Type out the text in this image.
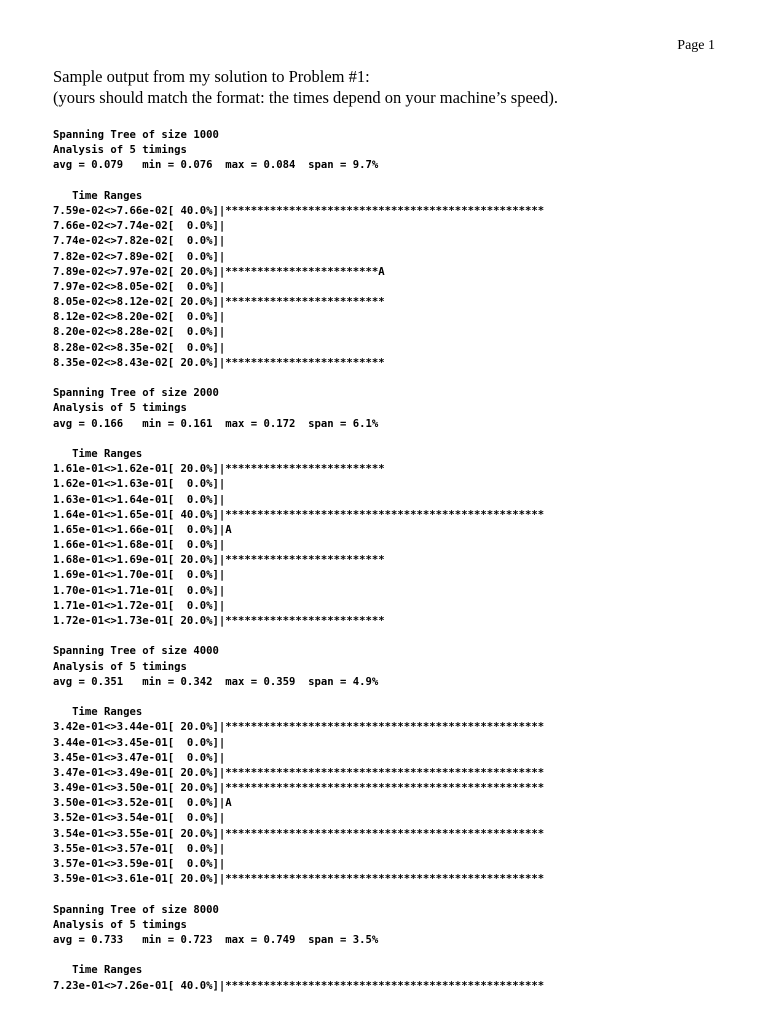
Page 1
Sample output from my solution to Problem #1:
(yours should match the format: the times depend on your machine’s speed).
Spanning Tree of size 1000
Analysis of 5 timings
avg = 0.079   min = 0.076  max = 0.084  span = 9.7%
Time Ranges
7.59e-02<>7.66e-02[ 40.0%]|**************************************************
7.66e-02<>7.74e-02[  0.0%]|
7.74e-02<>7.82e-02[  0.0%]|
7.82e-02<>7.89e-02[  0.0%]|
7.89e-02<>7.97e-02[ 20.0%]|************************A
7.97e-02<>8.05e-02[  0.0%]|
8.05e-02<>8.12e-02[ 20.0%]|*************************
8.12e-02<>8.20e-02[  0.0%]|
8.20e-02<>8.28e-02[  0.0%]|
8.28e-02<>8.35e-02[  0.0%]|
8.35e-02<>8.43e-02[ 20.0%]|*************************
Spanning Tree of size 2000
Analysis of 5 timings
avg = 0.166   min = 0.161  max = 0.172  span = 6.1%
Time Ranges
1.61e-01<>1.62e-01[ 20.0%]|*************************
1.62e-01<>1.63e-01[  0.0%]|
1.63e-01<>1.64e-01[  0.0%]|
1.64e-01<>1.65e-01[ 40.0%]|**************************************************
1.65e-01<>1.66e-01[  0.0%]|A
1.66e-01<>1.68e-01[  0.0%]|
1.68e-01<>1.69e-01[ 20.0%]|*************************
1.69e-01<>1.70e-01[  0.0%]|
1.70e-01<>1.71e-01[  0.0%]|
1.71e-01<>1.72e-01[  0.0%]|
1.72e-01<>1.73e-01[ 20.0%]|*************************
Spanning Tree of size 4000
Analysis of 5 timings
avg = 0.351   min = 0.342  max = 0.359  span = 4.9%
Time Ranges
3.42e-01<>3.44e-01[ 20.0%]|**************************************************
3.44e-01<>3.45e-01[  0.0%]|
3.45e-01<>3.47e-01[  0.0%]|
3.47e-01<>3.49e-01[ 20.0%]|**************************************************
3.49e-01<>3.50e-01[ 20.0%]|**************************************************
3.50e-01<>3.52e-01[  0.0%]|A
3.52e-01<>3.54e-01[  0.0%]|
3.54e-01<>3.55e-01[ 20.0%]|**************************************************
3.55e-01<>3.57e-01[  0.0%]|
3.57e-01<>3.59e-01[  0.0%]|
3.59e-01<>3.61e-01[ 20.0%]|**************************************************
Spanning Tree of size 8000
Analysis of 5 timings
avg = 0.733   min = 0.723  max = 0.749  span = 3.5%
Time Ranges
7.23e-01<>7.26e-01[ 40.0%]|**************************************************
